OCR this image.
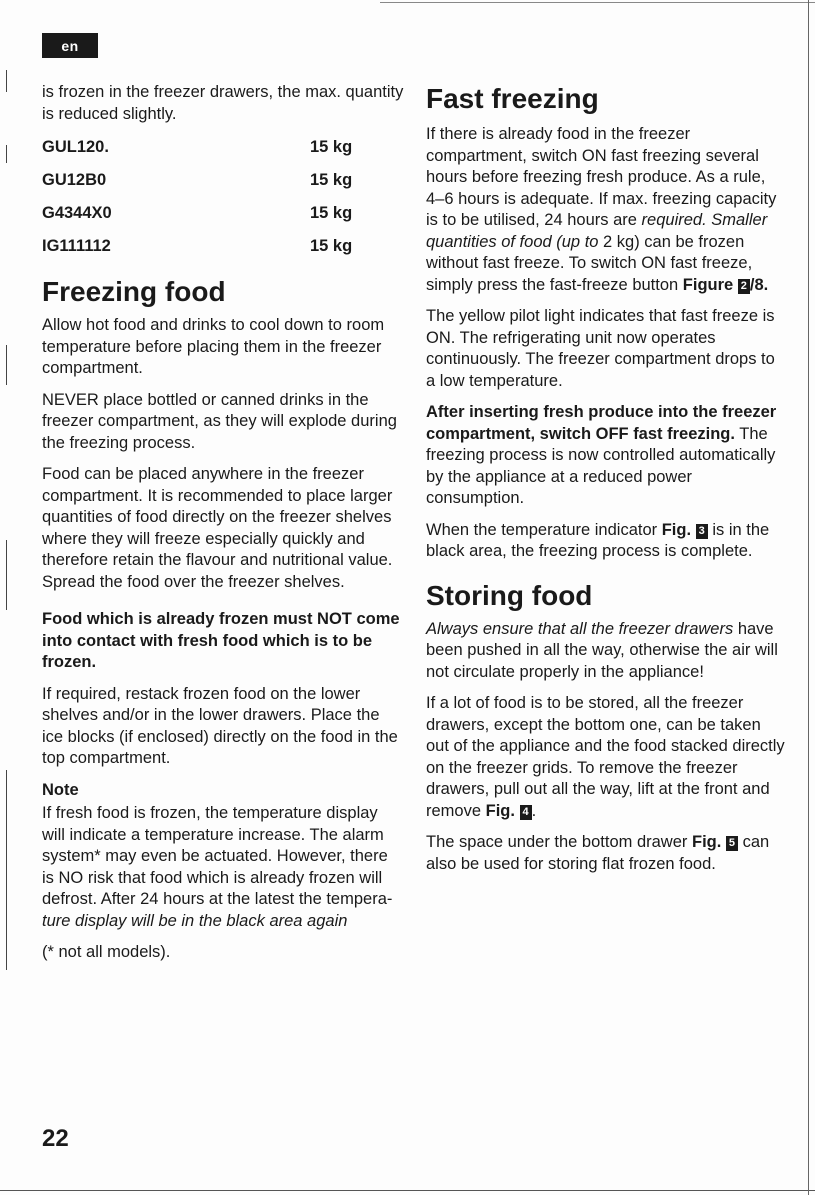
en

is frozen in the freezer drawers, the max. quantity is reduced slightly.

GUL120.	15 kg
GU12B0	15 kg
G4344X0	15 kg
IG111112	15 kg
Freezing food

Allow hot food and drinks to cool down to room temperature before placing them in the freezer compartment.

NEVER place bottled or canned drinks in the freezer compartment, as they will explode during the freezing process.

Food can be placed anywhere in the freezer compartment. It is recommended to place larger quantities of food directly on the freezer shelves where they will freeze especially quickly and therefore retain the flavour and nutritional value. Spread the food over the freezer shelves.

Food which is already frozen must NOT come into contact with fresh food which is to be frozen.

If required, restack frozen food on the lower shelves and/or in the lower drawers. Place the ice blocks (if enclosed) directly on the food in the top compartment.

Note

If fresh food is frozen, the temperature display will indicate a temperature increase. The alarm system* may even be actuated. However, there is NO risk that food which is already frozen will defrost. After 24 hours at the latest the tempera- ture display will be in the black area again

(* not all models).

Fast freezing

If there is already food in the freezer compartment, switch ON fast freezing several hours before freezing fresh produce. As a rule, 4–6 hours is adequate. If max. freezing capacity is to be utilised, 24 hours are required. Smaller quantities of food (up to 2 kg) can be frozen without fast freeze. To switch ON fast freeze, simply press the fast-freeze button Figure 2 /8.

The yellow pilot light indicates that fast freeze is ON. The refrigerating unit now operates continuously. The freezer compartment drops to a low temperature.

After inserting fresh produce into the freezer compartment, switch OFF fast freezing. The freezing process is now controlled automatically by the appliance at a reduced power consumption.

When the temperature indicator Fig. 3 is in the black area, the freezing process is complete.

Storing food

Always ensure that all the freezer drawers have been pushed in all the way, otherwise the air will not circulate properly in the appliance!

If a lot of food is to be stored, all the freezer drawers, except the bottom one, can be taken out of the appliance and the food stacked directly on the freezer grids. To remove the freezer drawers, pull out all the way, lift at the front and remove Fig. 4 .

The space under the bottom drawer Fig. 5 can also be used for storing flat frozen food.

22
